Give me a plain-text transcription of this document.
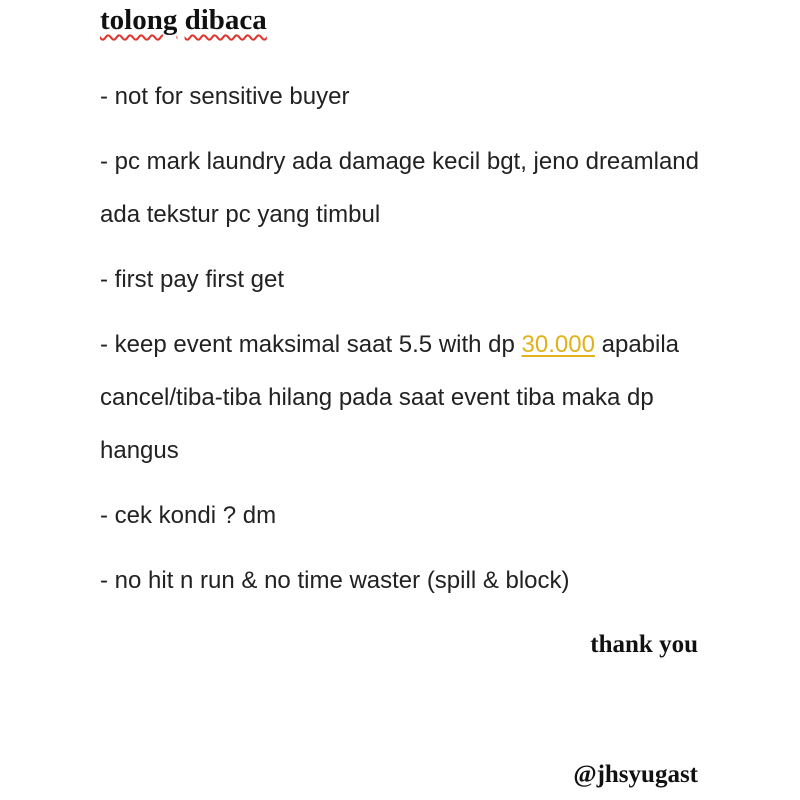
tolong dibaca

- not for sensitive buyer

- pc mark laundry ada damage kecil bgt, jeno dreamland ada tekstur pc yang timbul

- first pay first get

- keep event maksimal saat 5.5 with dp 30.000 apabila cancel/tiba-tiba hilang pada saat event tiba maka dp hangus

- cek kondi ? dm

- no hit n run & no time waster (spill & block)

thank you

@jhsyugast
